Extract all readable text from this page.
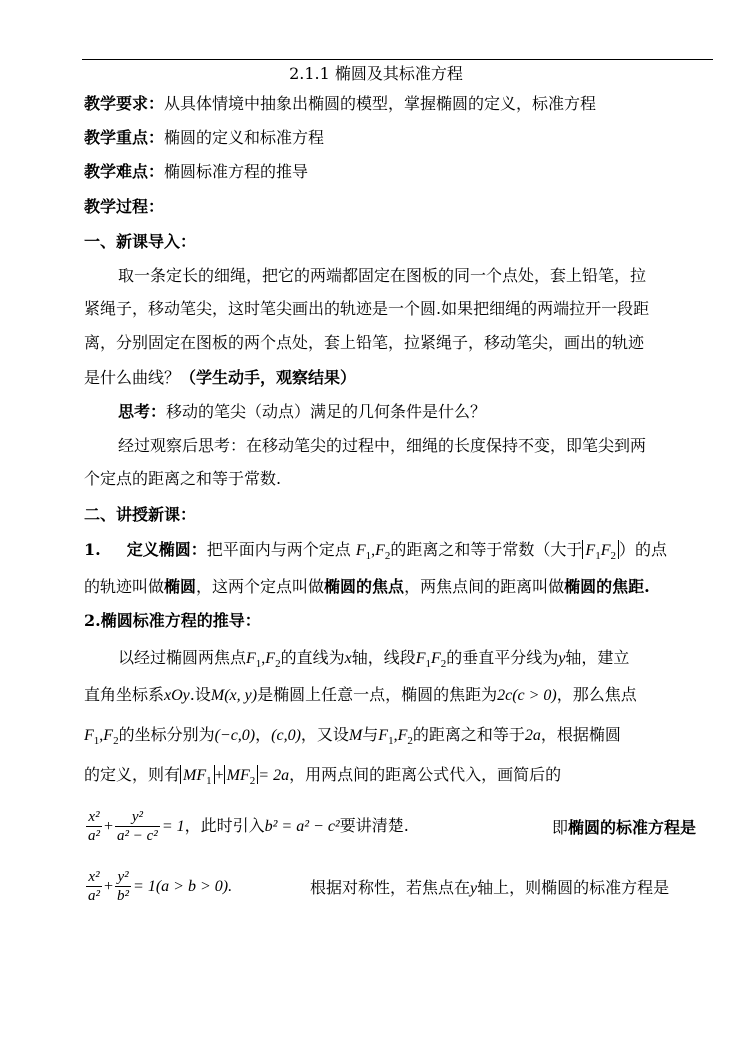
2.1.1 椭圆及其标准方程
教学要求：从具体情境中抽象出椭圆的模型，掌握椭圆的定义，标准方程
教学重点：椭圆的定义和标准方程
教学难点：椭圆标准方程的推导
教学过程：
一、新课导入：
取一条定长的细绳，把它的两端都固定在图板的同一个点处，套上铅笔，拉
紧绳子，移动笔尖，这时笔尖画出的轨迹是一个圆.如果把细绳的两端拉开一段距
离，分别固定在图板的两个点处，套上铅笔，拉紧绳子，移动笔尖，画出的轨迹
是什么曲线？（学生动手，观察结果）
思考：移动的笔尖（动点）满足的几何条件是什么？
经过观察后思考：在移动笔尖的过程中，细绳的长度保持不变，即笔尖到两
个定点的距离之和等于常数.
二、讲授新课：
1. 定义椭圆：把平面内与两个定点 $F_1,F_2$的距离之和等于常数（大于 $F_1F_2$ ）的点
的轨迹叫做椭圆，这两个定点叫做椭圆的焦点，两焦点间的距离叫做椭圆的焦距.
2.椭圆标准方程的推导：
以经过椭圆两焦点$F_1,F_2$的直线为x轴，线段$F_1F_2$的垂直平分线为y轴，建立
直角坐标系xOy.设M(x, y)是椭圆上任意一点，椭圆的焦距为2c(c > 0)，那么焦点
$F_1,F_2$的坐标分别为(−c,0)，(c,0)，又设M与$F_1,F_2$的距离之和等于2a，根据椭圆
的定义，则有 $MF_1 + MF_2 = 2a$，用两点间的距离公式代入，画简后的
$\frac{\text{x²}}{\text{a²}} + \frac{\text{y²}}{\text{a² − c²}} = 1$，此时引入b² = a² − c²要讲清楚.	即椭圆的标准方程是
$\frac{\text{x²}}{\text{a²}} + \frac{\text{y²}}{\text{b²}} = 1(a > b > 0)$.	根据对称性，若焦点在y轴上，则椭圆的标准方程是
